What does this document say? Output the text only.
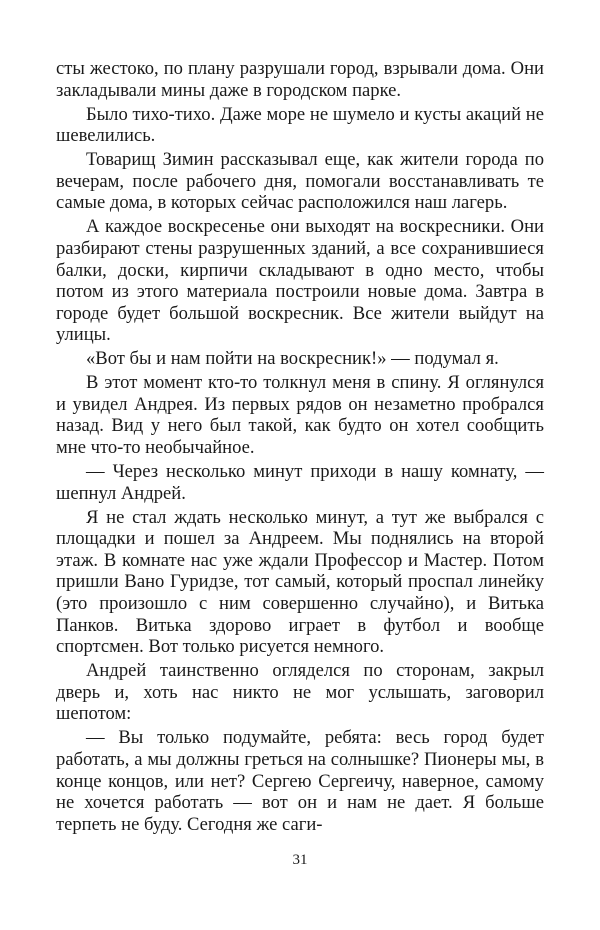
сты жестоко, по плану разрушали город, взрывали дома. Они закладывали мины даже в городском парке.

Было тихо-тихо. Даже море не шумело и кусты акаций не шевелились.

Товарищ Зимин рассказывал еще, как жители города по вечерам, после рабочего дня, помогали восстанавливать те самые дома, в которых сейчас расположился наш лагерь.

А каждое воскресенье они выходят на воскресники. Они разбирают стены разрушенных зданий, а все сохранившиеся балки, доски, кирпичи складывают в одно место, чтобы потом из этого материала построили новые дома. Завтра в городе будет большой воскресник. Все жители выйдут на улицы.

«Вот бы и нам пойти на воскресник!» — подумал я.

В этот момент кто-то толкнул меня в спину. Я оглянулся и увидел Андрея. Из первых рядов он незаметно пробрался назад. Вид у него был такой, как будто он хотел сообщить мне что-то необычайное.

— Через несколько минут приходи в нашу комнату, — шепнул Андрей.

Я не стал ждать несколько минут, а тут же выбрался с площадки и пошел за Андреем. Мы поднялись на второй этаж. В комнате нас уже ждали Профессор и Мастер. Потом пришли Вано Гуридзе, тот самый, который проспал линейку (это произошло с ним совершенно случайно), и Витька Панков. Витька здорово играет в футбол и вообще спортсмен. Вот только рисуется немного.

Андрей таинственно огляделся по сторонам, закрыл дверь и, хоть нас никто не мог услышать, заговорил шепотом:

— Вы только подумайте, ребята: весь город будет работать, а мы должны греться на солнышке? Пионеры мы, в конце концов, или нет? Сергею Сергеичу, наверное, самому не хочется работать — вот он и нам не дает. Я больше терпеть не буду. Сегодня же саги-

31
